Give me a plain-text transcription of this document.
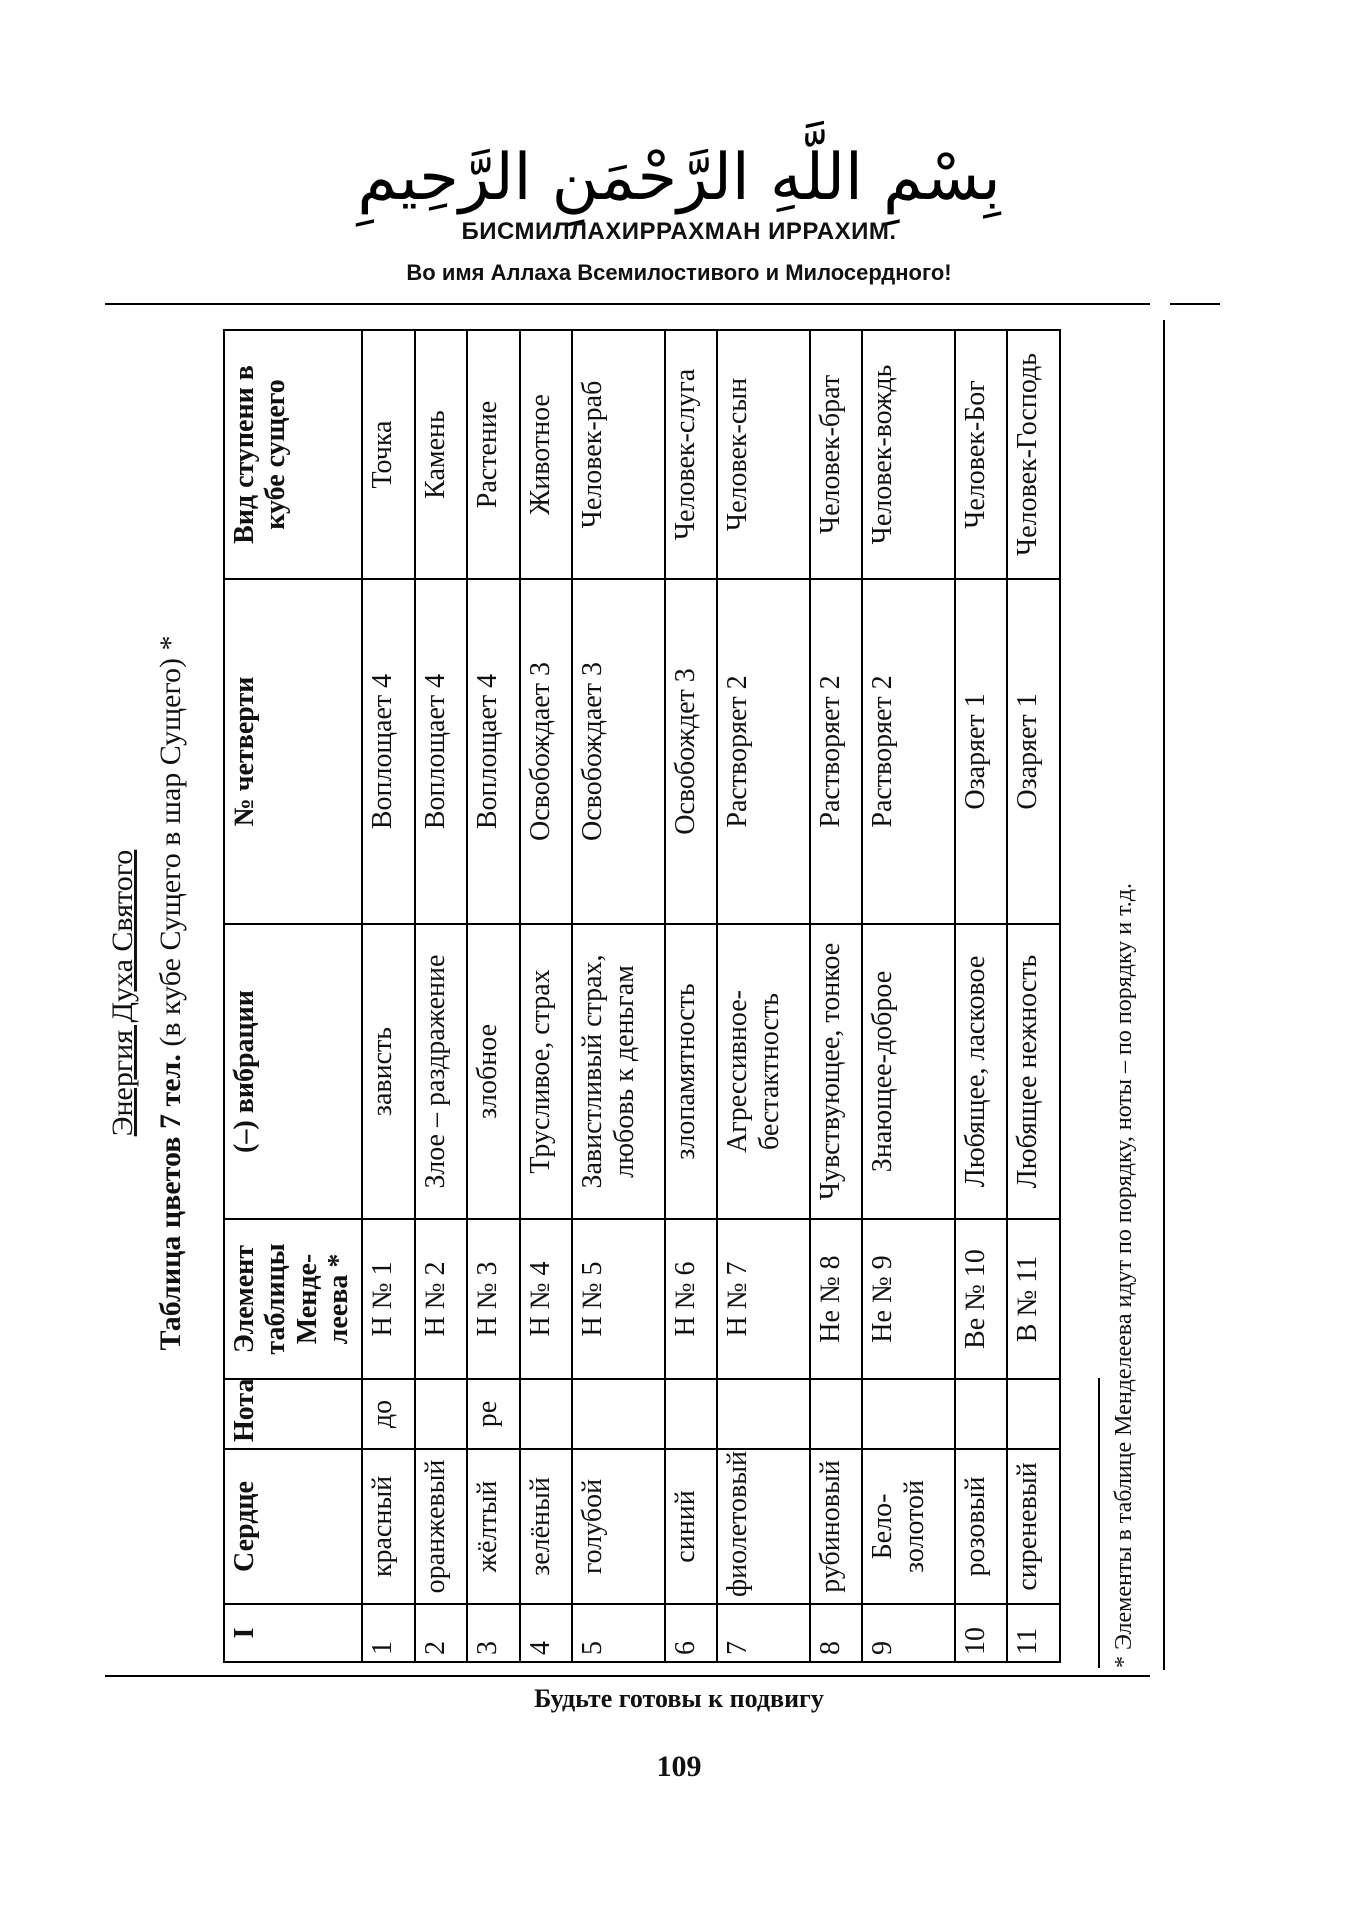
بِسْمِ اللَّهِ الرَّحْمَنِ الرَّحِيمِ
БИСМИЛЛАХИРРАХМАН ИРРАХИМ.
Во имя Аллаха Всемилостивого и Милосердного!
Энергия Духа Святого
Таблица цветов 7 тел. (в кубе Сущего в шар Сущего) *
I	Сердце	Нота	Элемент таблицы Менде-леева *	(–) вибрации	№ четверти	Вид ступени в кубе сущего
1	красный	до	Н № 1	зависть	Воплощает 4	Точка
2	оранжевый		Н № 2	Злое – раздражение	Воплощает 4	Камень
3	жёлтый	ре	Н № 3	злобное	Воплощает 4	Растение
4	зелёный		Н № 4	Трусливое, страх	Освобождает 3	Животное
5	голубой		Н № 5	Завистливый страх, любовь к деньгам	Освобождает 3	Человек-раб
6	синий		Н № 6	злопамятность	Освобождет 3	Человек-слуга
7	фиолетовый		Н № 7	Агрессивное-бестактность	Растворяет 2	Человек-сын
8	рубиновый		Не № 8	Чувствующее, тонкое	Растворяет 2	Человек-брат
9	Бело-золотой		Не № 9	Знающее-доброе	Растворяет 2	Человек-вождь
10	розовый		Ве № 10	Любящее, ласковое	Озаряет 1	Человек-Бог
11	сиреневый		В № 11	Любящее нежность	Озаряет 1	Человек-Господь
* Элементы в таблице Менделеева идут по порядку, ноты – по порядку и т.д.
Будьте готовы к подвигу
109
